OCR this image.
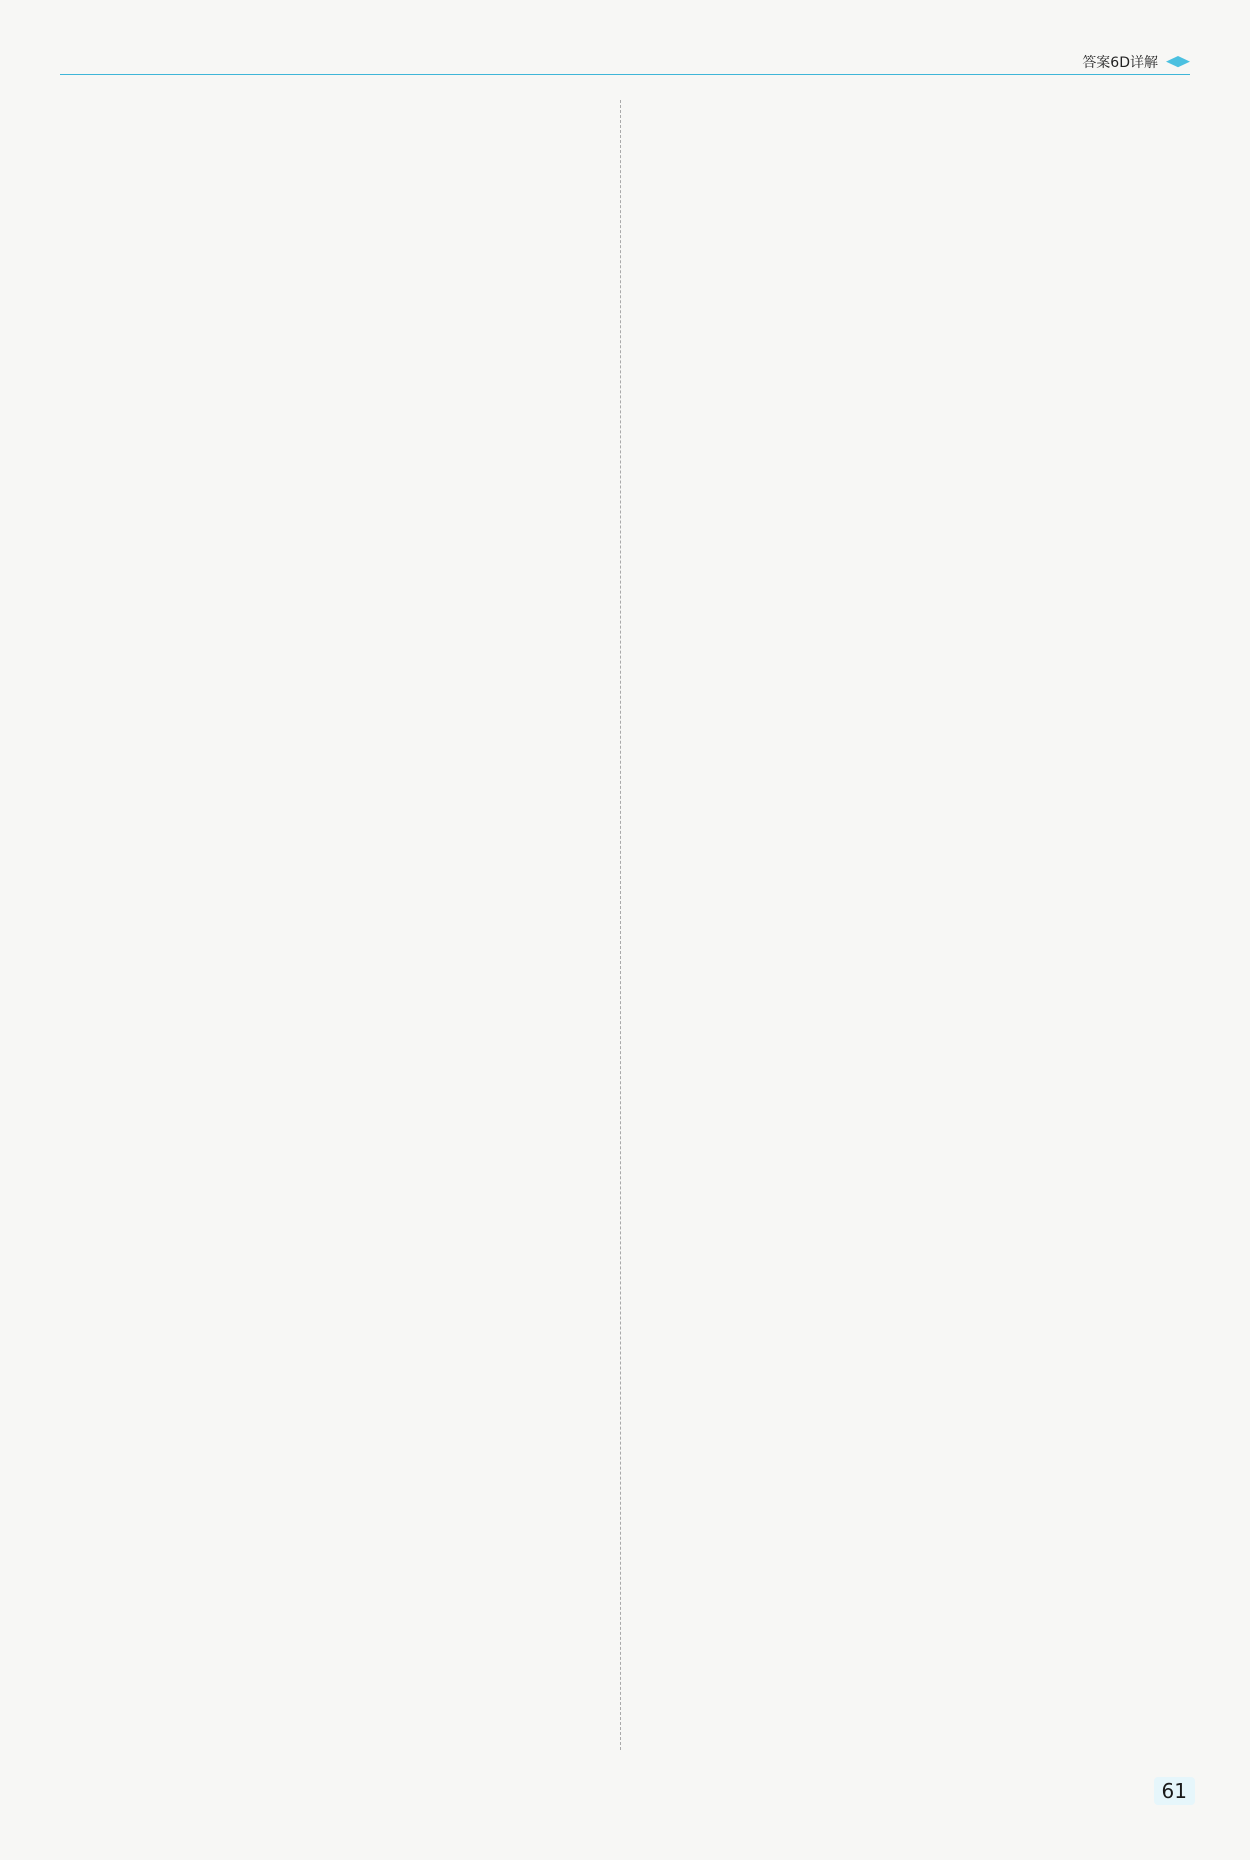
答案6D详解
61
